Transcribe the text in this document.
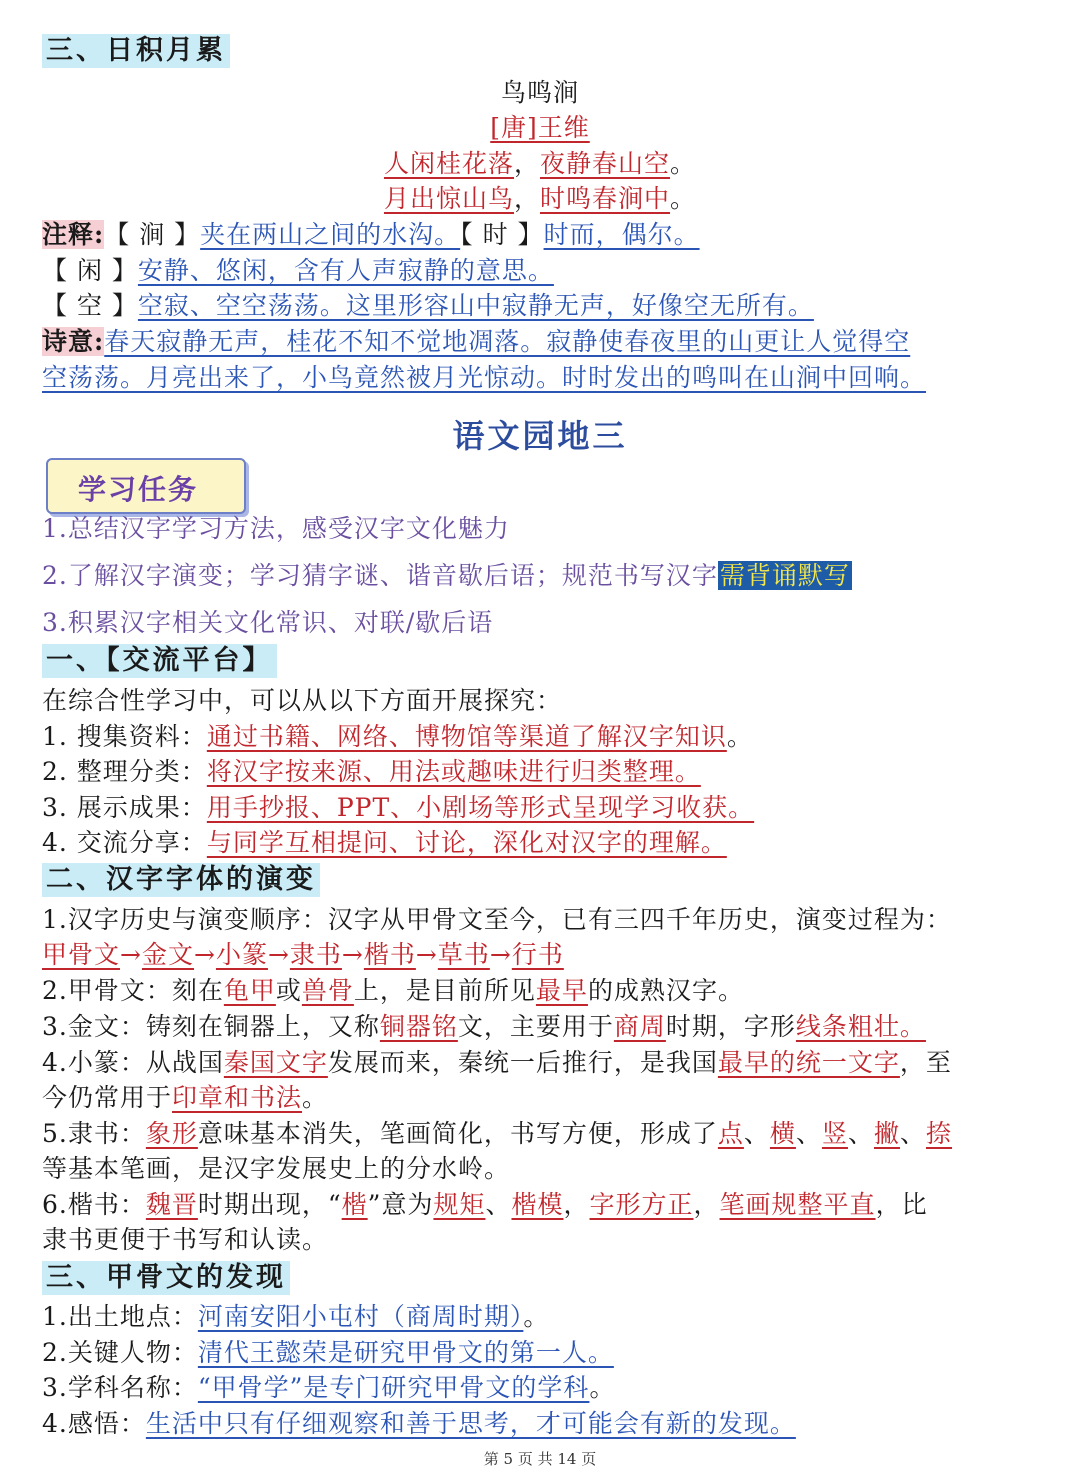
三、日积月累
鸟鸣涧
[唐]王维
人闲桂花落，夜静春山空。
月出惊山鸟，时鸣春涧中。
注释:【 涧 】夹在两山之间的水沟。【 时 】时而，偶尔。
【 闲 】安静、悠闲，含有人声寂静的意思。
【 空 】空寂、空空荡荡。这里形容山中寂静无声，好像空无所有。
诗意:春天寂静无声，桂花不知不觉地凋落。寂静使春夜里的山更让人觉得空
空荡荡。月亮出来了，小鸟竟然被月光惊动。时时发出的鸣叫在山涧中回响。
语文园地三
学习任务
1.总结汉字学习方法，感受汉字文化魅力
2.了解汉字演变；学习猜字谜、谐音歇后语；规范书写汉字需背诵默写
3.积累汉字相关文化常识、对联/歇后语
一、【交流平台】
在综合性学习中，可以从以下方面开展探究：
1. 搜集资料：通过书籍、网络、博物馆等渠道了解汉字知识。
2. 整理分类：将汉字按来源、用法或趣味进行归类整理。
3. 展示成果：用手抄报、PPT、小剧场等形式呈现学习收获。
4. 交流分享：与同学互相提问、讨论，深化对汉字的理解。
二、汉字字体的演变
1.汉字历史与演变顺序：汉字从甲骨文至今，已有三四千年历史，演变过程为：
甲骨文→金文→小篆→隶书→楷书→草书→行书
2.甲骨文：刻在龟甲或兽骨上，是目前所见最早的成熟汉字。
3.金文：铸刻在铜器上，又称铜器铭文，主要用于商周时期，字形线条粗壮。
4.小篆：从战国秦国文字发展而来，秦统一后推行，是我国最早的统一文字，至
今仍常用于印章和书法。
5.隶书：象形意味基本消失，笔画简化，书写方便，形成了点、横、竖、撇、捺
等基本笔画，是汉字发展史上的分水岭。
6.楷书：魏晋时期出现，“楷”意为规矩、楷模，字形方正，笔画规整平直，比
隶书更便于书写和认读。
三、甲骨文的发现
1.出土地点：河南安阳小屯村（商周时期）。
2.关键人物：清代王懿荣是研究甲骨文的第一人。
3.学科名称：“甲骨学”是专门研究甲骨文的学科。
4.感悟：生活中只有仔细观察和善于思考，才可能会有新的发现。
第 5 页 共 14 页
